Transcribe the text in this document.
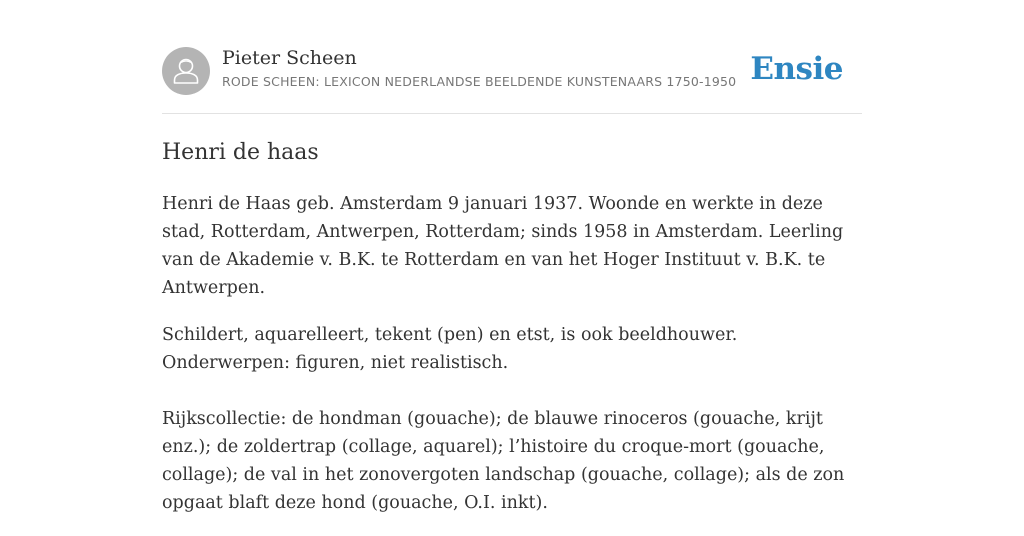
Pieter Scheen
RODE SCHEEN: LEXICON NEDERLANDSE BEELDENDE KUNSTENAARS 1750-1950 Ensie
Henri de haas

Henri de Haas geb. Amsterdam 9 januari 1937. Woonde en werkte in deze stad, Rotterdam, Antwerpen, Rotterdam; sinds 1958 in Amsterdam. Leerling van de Akademie v. B.K. te Rotterdam en van het Hoger Instituut v. B.K. te Antwerpen.

Schildert, aquarelleert, tekent (pen) en etst, is ook beeldhouwer. Onderwerpen: figuren, niet realistisch.

Rijkscollectie: de hondman (gouache); de blauwe rinoceros (gouache, krijt enz.); de zoldertrap (collage, aquarel); l’histoire du croque-mort (gouache, collage); de val in het zonovergoten landschap (gouache, collage); als de zon opgaat blaft deze hond (gouache, O.I. inkt).
